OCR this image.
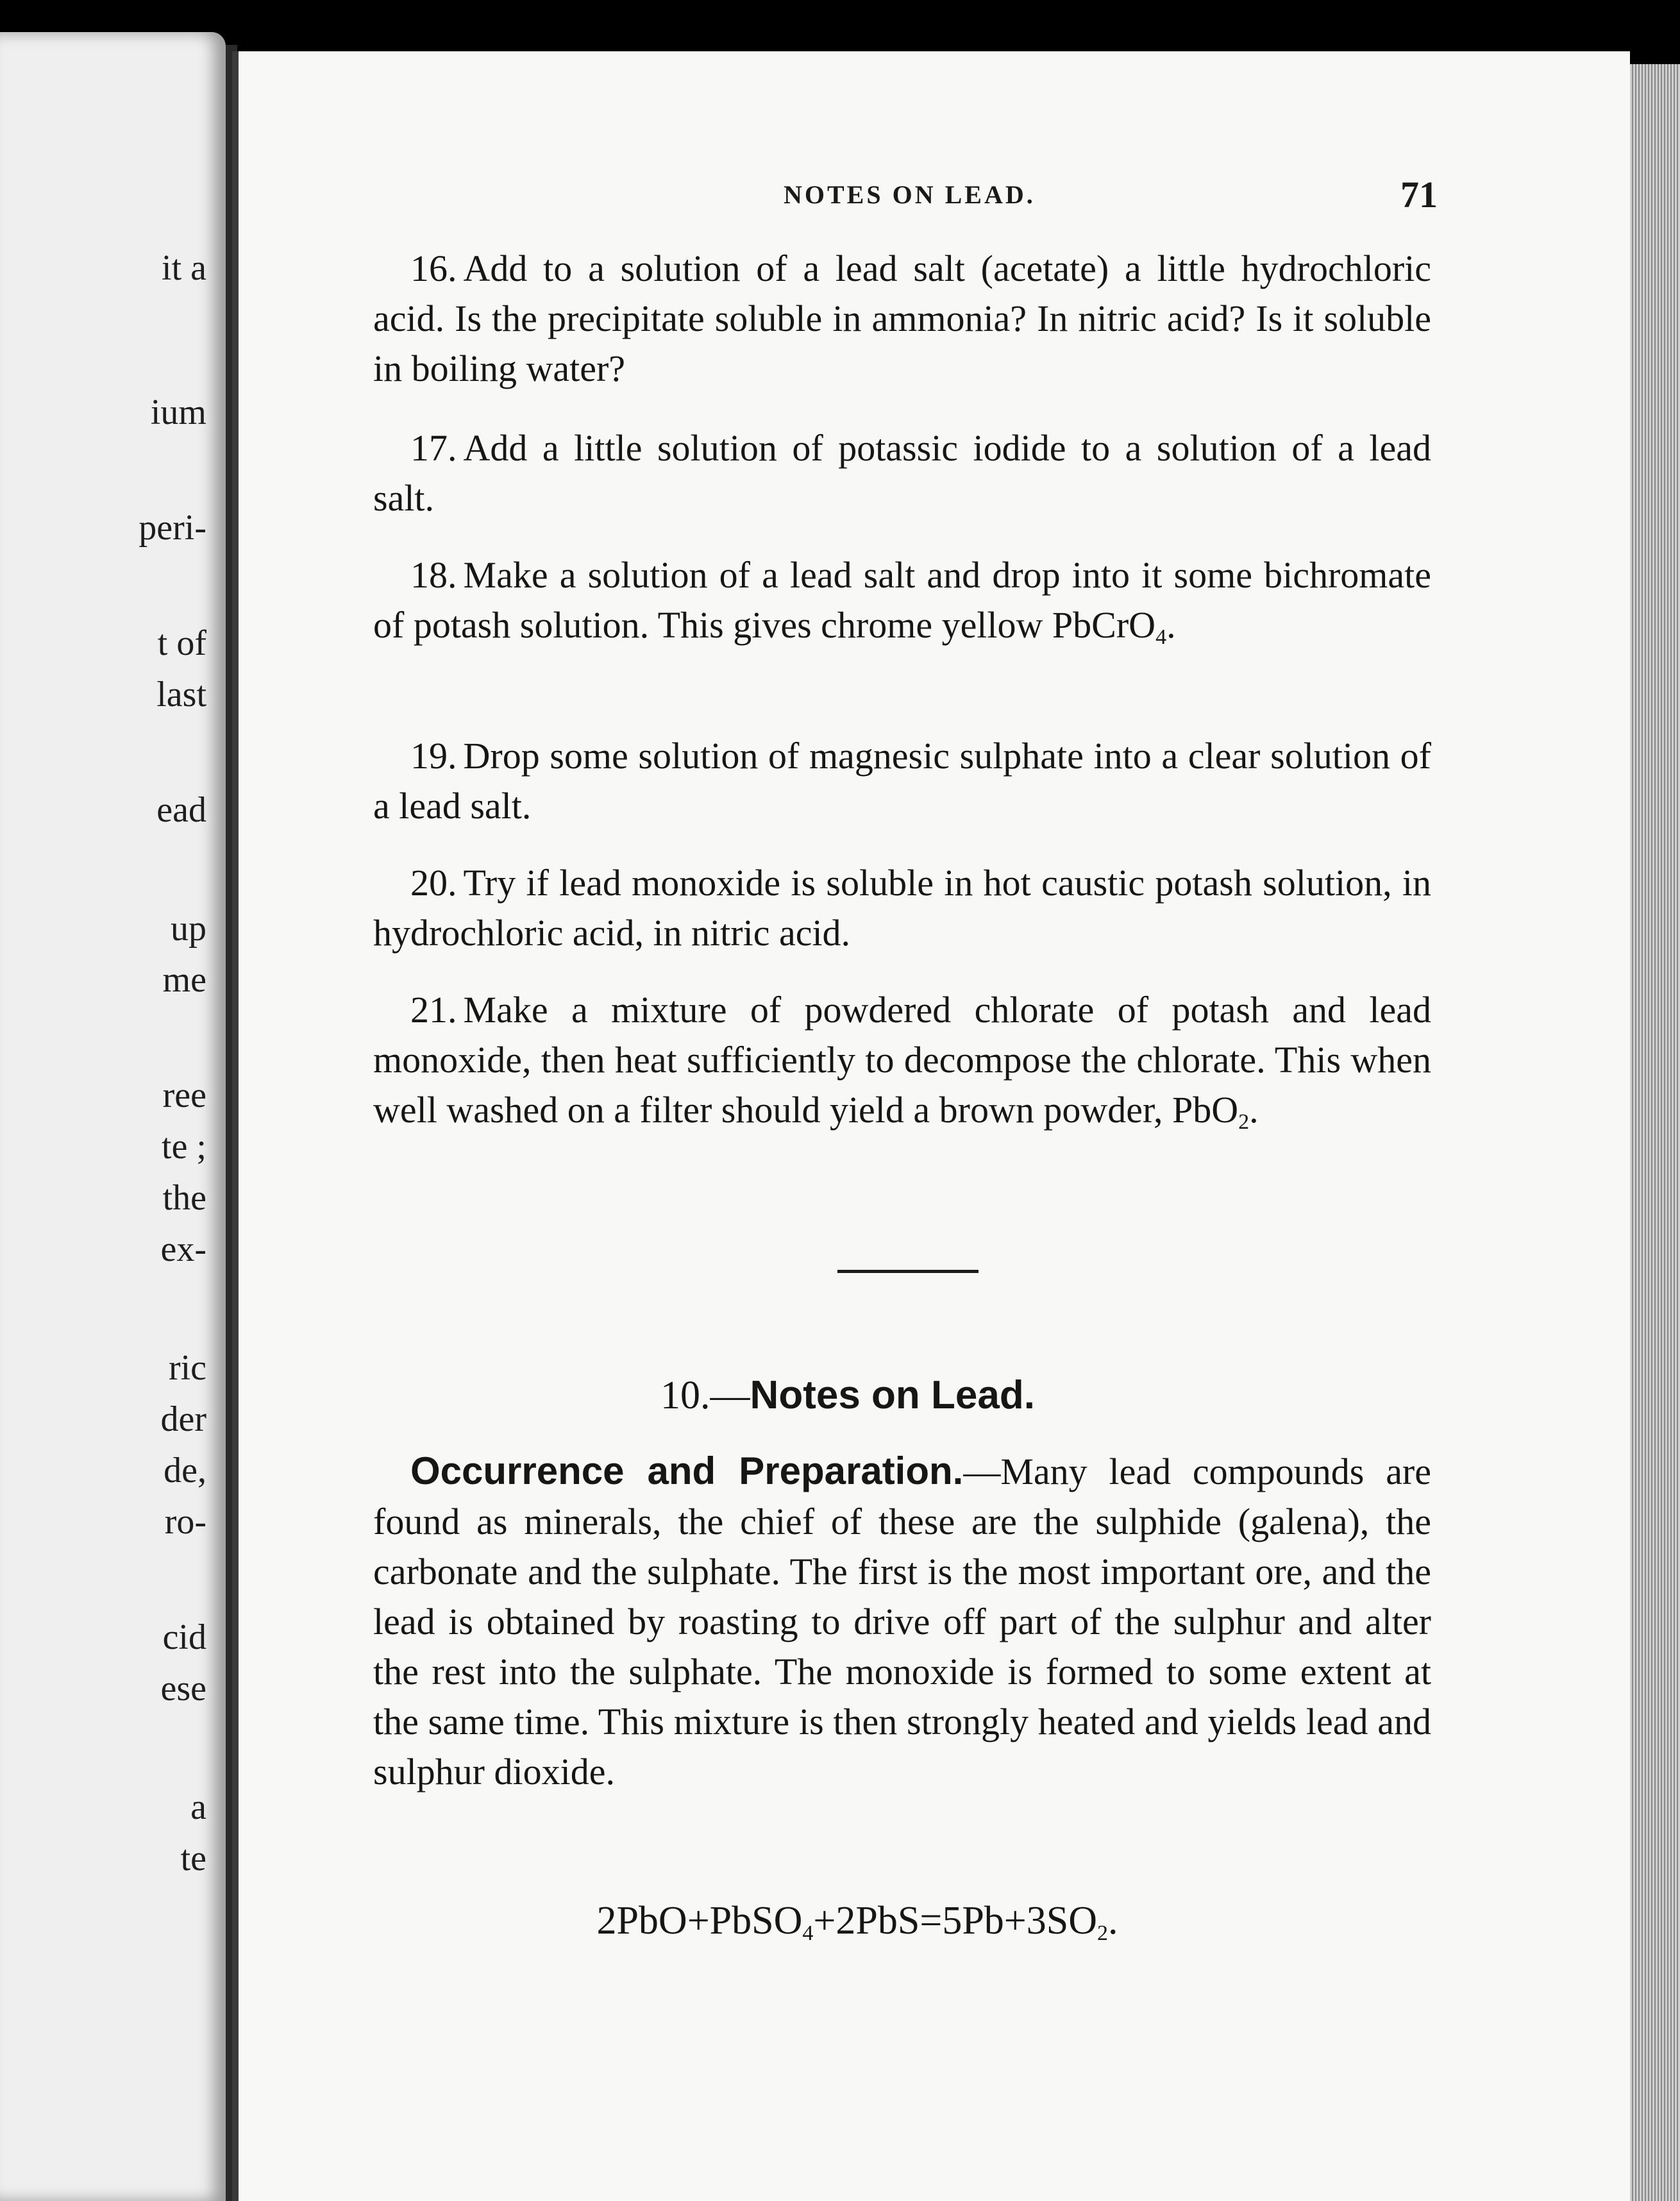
it a
ium
peri-
t of
last
ead
up
me
ree
te ;
the
ex-
ric
der
de,
ro-
cid
ese
a
te
NOTES ON LEAD.	71

 16. Add to a solution of a lead salt (acetate) a little hydrochloric acid. Is the precipitate soluble in ammonia? In nitric acid? Is it soluble in boiling water?

 17. Add a little solution of potassic iodide to a solution of a lead salt.

 18. Make a solution of a lead salt and drop into it some bichromate of potash solution. This gives chrome yellow PbCrO$_4$.

 19. Drop some solution of magnesic sulphate into a clear solution of a lead salt.

 20. Try if lead monoxide is soluble in hot caustic potash solution, in hydrochloric acid, in nitric acid.

 21. Make a mixture of powdered chlorate of potash and lead monoxide, then heat sufficiently to decompose the chlorate. This when well washed on a filter should yield a brown powder, PbO$_2$.

10.—Notes on Lead.

 Occurrence and Preparation.—Many lead compounds are found as minerals, the chief of these are the sulphide (galena), the carbonate and the sulphate. The first is the most important ore, and the lead is obtained by roasting to drive off part of the sulphur and alter the rest into the sulphate. The monoxide is formed to some extent at the same time. This mixture is then strongly heated and yields lead and sulphur dioxide.

$2PbO+PbSO_4+2PbS=5Pb+3SO_2$.
